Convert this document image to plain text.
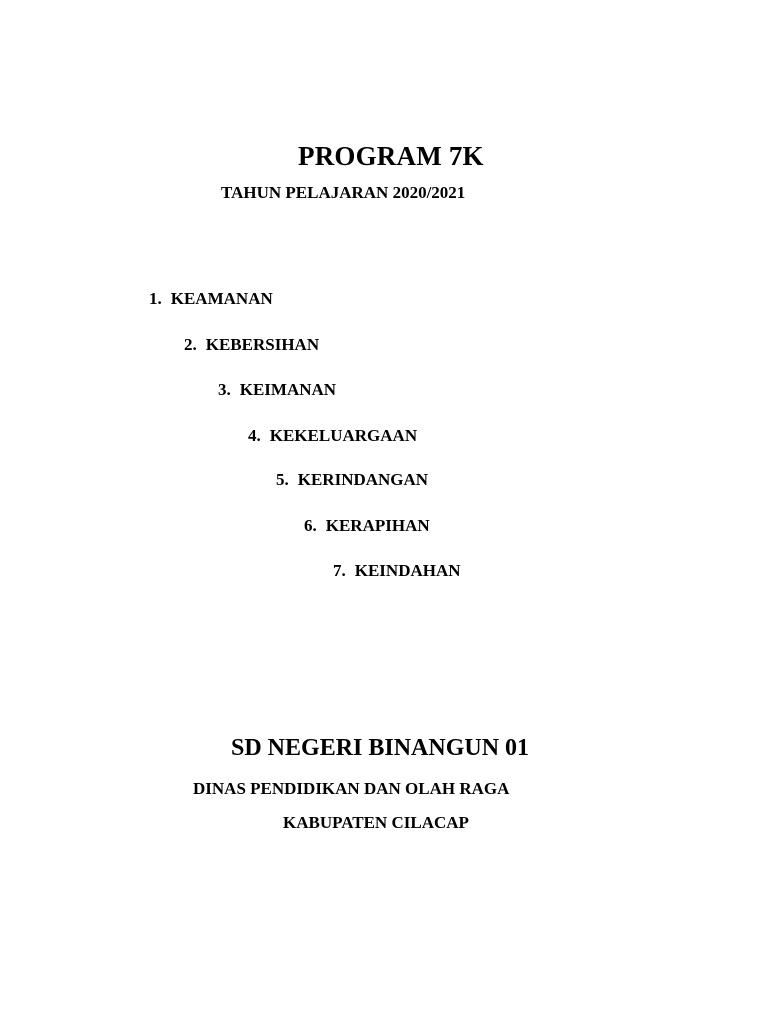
PROGRAM 7K
TAHUN PELAJARAN 2020/2021
1. KEAMANAN
2. KEBERSIHAN
3. KEIMANAN
4. KEKELUARGAAN
5. KERINDANGAN
6. KERAPIHAN
7. KEINDAHAN
SD NEGERI BINANGUN 01
DINAS PENDIDIKAN DAN OLAH RAGA
KABUPATEN CILACAP
